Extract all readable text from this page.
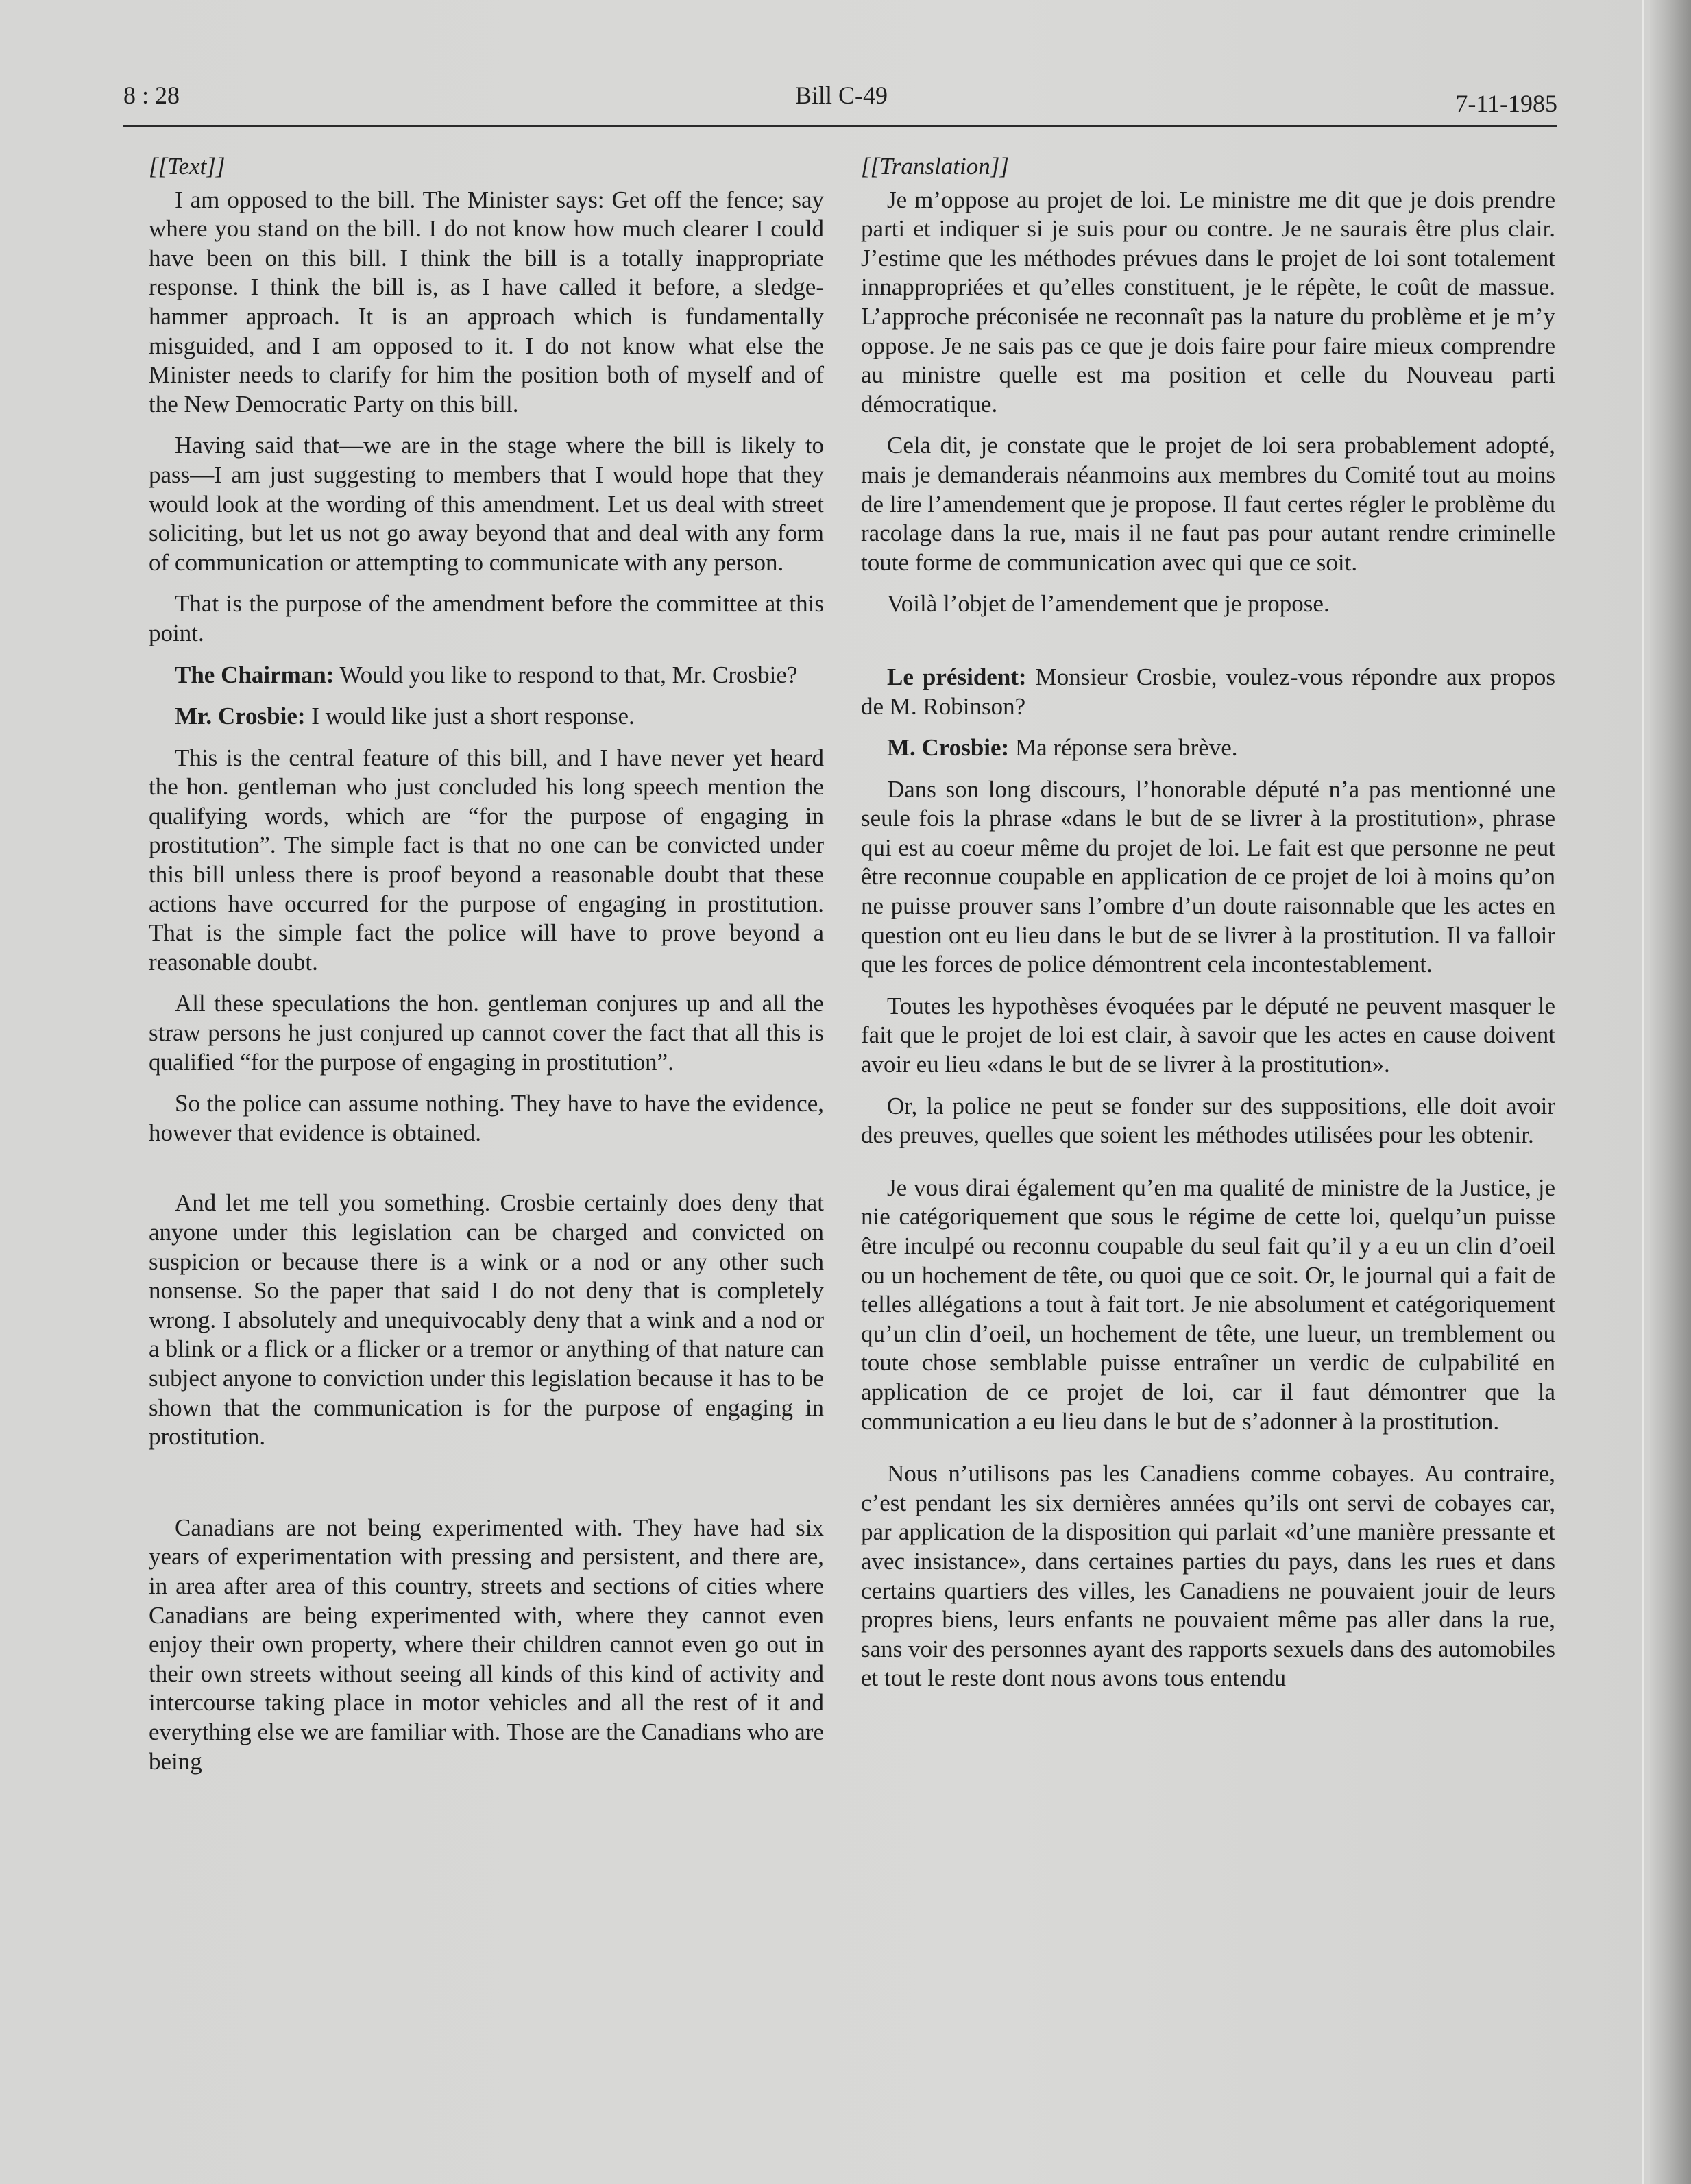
8 : 28	Bill C-49	7-11-1985

[[Text]]

I am opposed to the bill. The Minister says: Get off the fence; say where you stand on the bill. I do not know how much clearer I could have been on this bill. I think the bill is a totally inappropriate response. I think the bill is, as I have called it before, a sledge-hammer approach. It is an approach which is fundamentally misguided, and I am opposed to it. I do not know what else the Minister needs to clarify for him the position both of myself and of the New Democratic Party on this bill.

Having said that—we are in the stage where the bill is likely to pass—I am just suggesting to members that I would hope that they would look at the wording of this amendment. Let us deal with street soliciting, but let us not go away beyond that and deal with any form of communication or attempting to communicate with any person.

That is the purpose of the amendment before the committee at this point.

The Chairman: Would you like to respond to that, Mr. Crosbie?

Mr. Crosbie: I would like just a short response.

This is the central feature of this bill, and I have never yet heard the hon. gentleman who just concluded his long speech mention the qualifying words, which are “for the purpose of engaging in prostitution”. The simple fact is that no one can be convicted under this bill unless there is proof beyond a reasonable doubt that these actions have occurred for the purpose of engaging in prostitution. That is the simple fact the police will have to prove beyond a reasonable doubt.

All these speculations the hon. gentleman conjures up and all the straw persons he just conjured up cannot cover the fact that all this is qualified “for the purpose of engaging in prostitution”.

So the police can assume nothing. They have to have the evidence, however that evidence is obtained.

And let me tell you something. Crosbie certainly does deny that anyone under this legislation can be charged and convicted on suspicion or because there is a wink or a nod or any other such nonsense. So the paper that said I do not deny that is completely wrong. I absolutely and unequivocably deny that a wink and a nod or a blink or a flick or a flicker or a tremor or anything of that nature can subject anyone to conviction under this legislation because it has to be shown that the communication is for the purpose of engaging in prostitution.

Canadians are not being experimented with. They have had six years of experimentation with pressing and persistent, and there are, in area after area of this country, streets and sections of cities where Canadians are being experimented with, where they cannot even enjoy their own property, where their children cannot even go out in their own streets without seeing all kinds of this kind of activity and intercourse taking place in motor vehicles and all the rest of it and everything else we are familiar with. Those are the Canadians who are being

[[Translation]]

Je m’oppose au projet de loi. Le ministre me dit que je dois prendre parti et indiquer si je suis pour ou contre. Je ne saurais être plus clair. J’estime que les méthodes prévues dans le projet de loi sont totalement innappropriées et qu’elles constituent, je le répète, le coût de massue. L’approche préconisée ne reconnaît pas la nature du problème et je m’y oppose. Je ne sais pas ce que je dois faire pour faire mieux comprendre au ministre quelle est ma position et celle du Nouveau parti démocratique.

Cela dit, je constate que le projet de loi sera probablement adopté, mais je demanderais néanmoins aux membres du Comité tout au moins de lire l’amendement que je propose. Il faut certes régler le problème du racolage dans la rue, mais il ne faut pas pour autant rendre criminelle toute forme de communication avec qui que ce soit.

Voilà l’objet de l’amendement que je propose.

Le président: Monsieur Crosbie, voulez-vous répondre aux propos de M. Robinson?

M. Crosbie: Ma réponse sera brève.

Dans son long discours, l’honorable député n’a pas mentionné une seule fois la phrase «dans le but de se livrer à la prostitution», phrase qui est au coeur même du projet de loi. Le fait est que personne ne peut être reconnue coupable en application de ce projet de loi à moins qu’on ne puisse prouver sans l’ombre d’un doute raisonnable que les actes en question ont eu lieu dans le but de se livrer à la prostitution. Il va falloir que les forces de police démontrent cela incontestablement.

Toutes les hypothèses évoquées par le député ne peuvent masquer le fait que le projet de loi est clair, à savoir que les actes en cause doivent avoir eu lieu «dans le but de se livrer à la prostitution».

Or, la police ne peut se fonder sur des suppositions, elle doit avoir des preuves, quelles que soient les méthodes utilisées pour les obtenir.

Je vous dirai également qu’en ma qualité de ministre de la Justice, je nie catégoriquement que sous le régime de cette loi, quelqu’un puisse être inculpé ou reconnu coupable du seul fait qu’il y a eu un clin d’oeil ou un hochement de tête, ou quoi que ce soit. Or, le journal qui a fait de telles allégations a tout à fait tort. Je nie absolument et catégoriquement qu’un clin d’oeil, un hochement de tête, une lueur, un tremblement ou toute chose semblable puisse entraîner un verdic de culpabilité en application de ce projet de loi, car il faut démontrer que la communication a eu lieu dans le but de s’adonner à la prostitution.

Nous n’utilisons pas les Canadiens comme cobayes. Au contraire, c’est pendant les six dernières années qu’ils ont servi de cobayes car, par application de la disposition qui parlait «d’une manière pressante et avec insistance», dans certaines parties du pays, dans les rues et dans certains quartiers des villes, les Canadiens ne pouvaient jouir de leurs propres biens, leurs enfants ne pouvaient même pas aller dans la rue, sans voir des personnes ayant des rapports sexuels dans des automobiles et tout le reste dont nous avons tous entendu
